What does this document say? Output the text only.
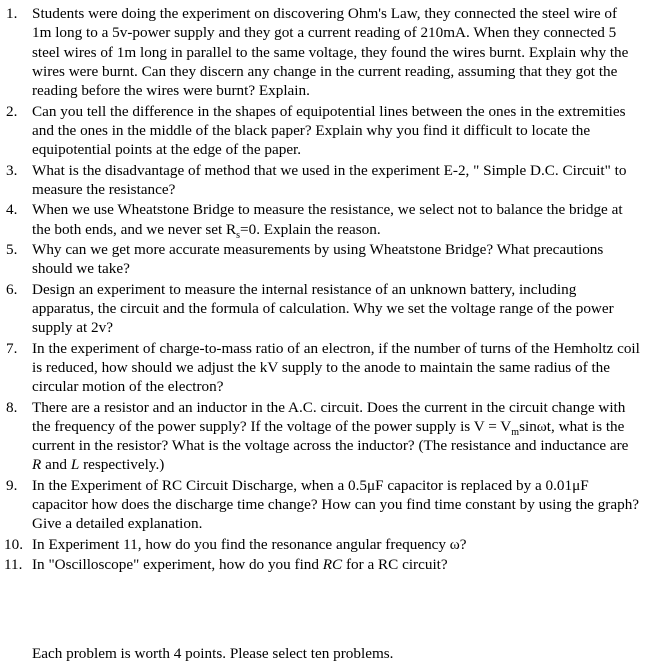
1. Students were doing the experiment on discovering Ohm's Law, they connected the steel wire of 1m long to a 5v-power supply and they got a current reading of 210mA. When they connected 5 steel wires of 1m long in parallel to the same voltage, they found the wires burnt. Explain why the wires were burnt. Can they discern any change in the current reading, assuming that they got the reading before the wires were burnt? Explain.
2. Can you tell the difference in the shapes of equipotential lines between the ones in the extremities and the ones in the middle of the black paper? Explain why you find it difficult to locate the equipotential points at the edge of the paper.
3. What is the disadvantage of method that we used in the experiment E-2, " Simple D.C. Circuit" to measure the resistance?
4. When we use Wheatstone Bridge to measure the resistance, we select not to balance the bridge at the both ends, and we never set $R_s=0$. Explain the reason.
5. Why can we get more accurate measurements by using Wheatstone Bridge? What precautions should we take?
6. Design an experiment to measure the internal resistance of an unknown battery, including apparatus, the circuit and the formula of calculation. Why we set the voltage range of the power supply at 2v?
7. In the experiment of charge-to-mass ratio of an electron, if the number of turns of the Hemholtz coil is reduced, how should we adjust the kV supply to the anode to maintain the same radius of the circular motion of the electron?
8. There are a resistor and an inductor in the A.C. circuit. Does the current in the circuit change with the frequency of the power supply? If the voltage of the power supply is $V = V_m\sin\omega t$, what is the current in the resistor? What is the voltage across the inductor? (The resistance and inductance are R and L respectively.)
9. In the Experiment of RC Circuit Discharge, when a 0.5μF capacitor is replaced by a 0.01μF capacitor how does the discharge time change? How can you find time constant by using the graph? Give a detailed explanation.
10. In Experiment 11, how do you find the resonance angular frequency ω?
11. In "Oscilloscope" experiment, how do you find RC for a RC circuit?
Each problem is worth 4 points. Please select ten problems.
